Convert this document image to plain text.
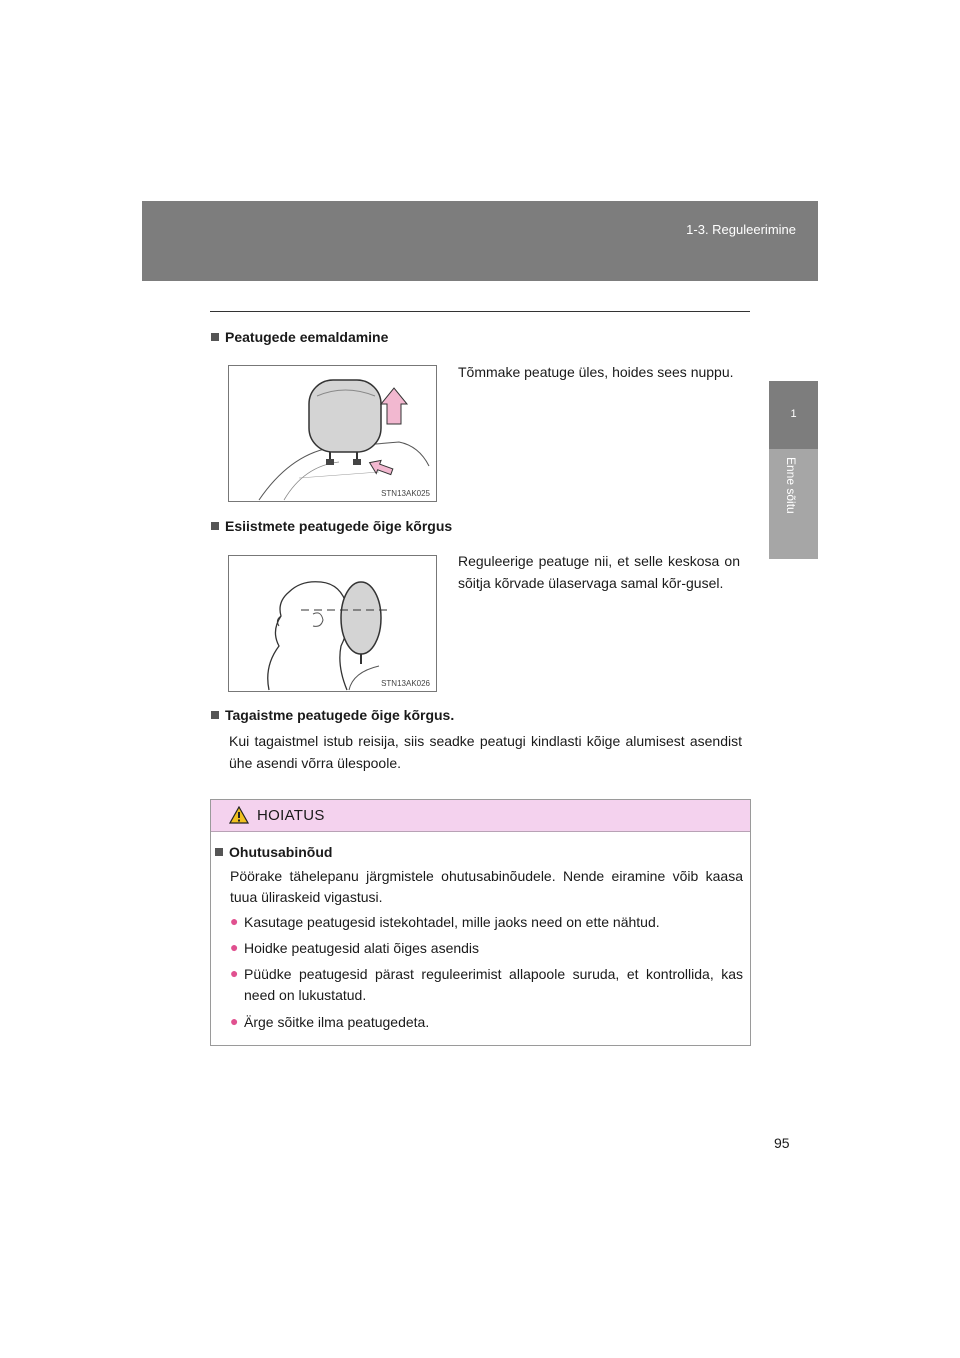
1-3. Reguleerimine
1
Enne sõitu
Peatugede eemaldamine
STN13AK025
Tõmmake peatuge üles, hoides sees nuppu.
Esiistmete peatugede õige kõrgus
STN13AK026
Reguleerige peatuge nii, et selle keskosa on sõitja kõrvade ülaservaga samal kõr-gusel.
Tagaistme peatugede õige kõrgus.
Kui tagaistmel istub reisija, siis seadke peatugi kindlasti kõige alumisest asendist ühe asendi võrra ülespoole.
HOIATUS
Ohutusabinõud
Pöörake tähelepanu järgmistele ohutusabinõudele. Nende eiramine võib kaasa tuua üliraskeid vigastusi.
● Kasutage peatugesid istekohtadel, mille jaoks need on ette nähtud.
● Hoidke peatugesid alati õiges asendis
● Püüdke peatugesid pärast reguleerimist allapoole suruda, et kontrollida, kas need on lukustatud.
● Ärge sõitke ilma peatugedeta.
95
